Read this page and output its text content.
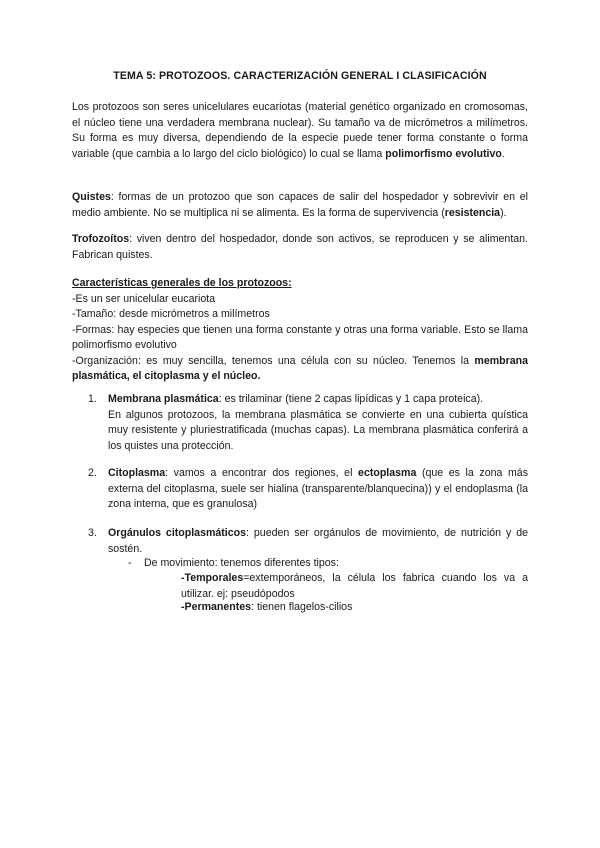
TEMA 5: PROTOZOOS. CARACTERIZACIÓN GENERAL I CLASIFICACIÓN

Los protozoos son seres unicelulares eucariotas (material genético organizado en cromosomas, el núcleo tiene una verdadera membrana nuclear). Su tamaño va de micrómetros a milímetros. Su forma es muy diversa, dependiendo de la especie puede tener forma constante o forma variable (que cambia a lo largo del ciclo biológico) lo cual se llama polimorfismo evolutivo.

Quistes: formas de un protozoo que son capaces de salir del hospedador y sobrevivir en el medio ambiente. No se multiplica ni se alimenta. Es la forma de supervivencia (resistencia).

Trofozoítos: viven dentro del hospedador, donde son activos, se reproducen y se alimentan. Fabrican quistes.

Características generales de los protozoos:

-Es un ser unicelular eucariota

-Tamaño: desde micrómetros a milímetros

-Formas: hay especies que tienen una forma constante y otras una forma variable. Esto se llama polimorfismo evolutivo

-Organización: es muy sencilla, tenemos una célula con su núcleo. Tenemos la membrana plasmática, el citoplasma y el núcleo.

1. Membrana plasmática: es trilaminar (tiene 2 capas lipídicas y 1 capa proteica).

En algunos protozoos, la membrana plasmática se convierte en una cubierta quística muy resistente y pluriestratificada (muchas capas). La membrana plasmática conferirá a los quistes una protección.

2. Citoplasma: vamos a encontrar dos regiones, el ectoplasma (que es la zona más externa del citoplasma, suele ser hialina (transparente/blanquecina)) y el endoplasma (la zona interna, que es granulosa)

3. Orgánulos citoplasmáticos: pueden ser orgánulos de movimiento, de nutrición y de sostén.

- De movimiento: tenemos diferentes tipos:

-Temporales=extemporáneos, la célula los fabrica cuando los va a utilizar. ej: pseudópodos

-Permanentes: tienen flagelos-cilios
